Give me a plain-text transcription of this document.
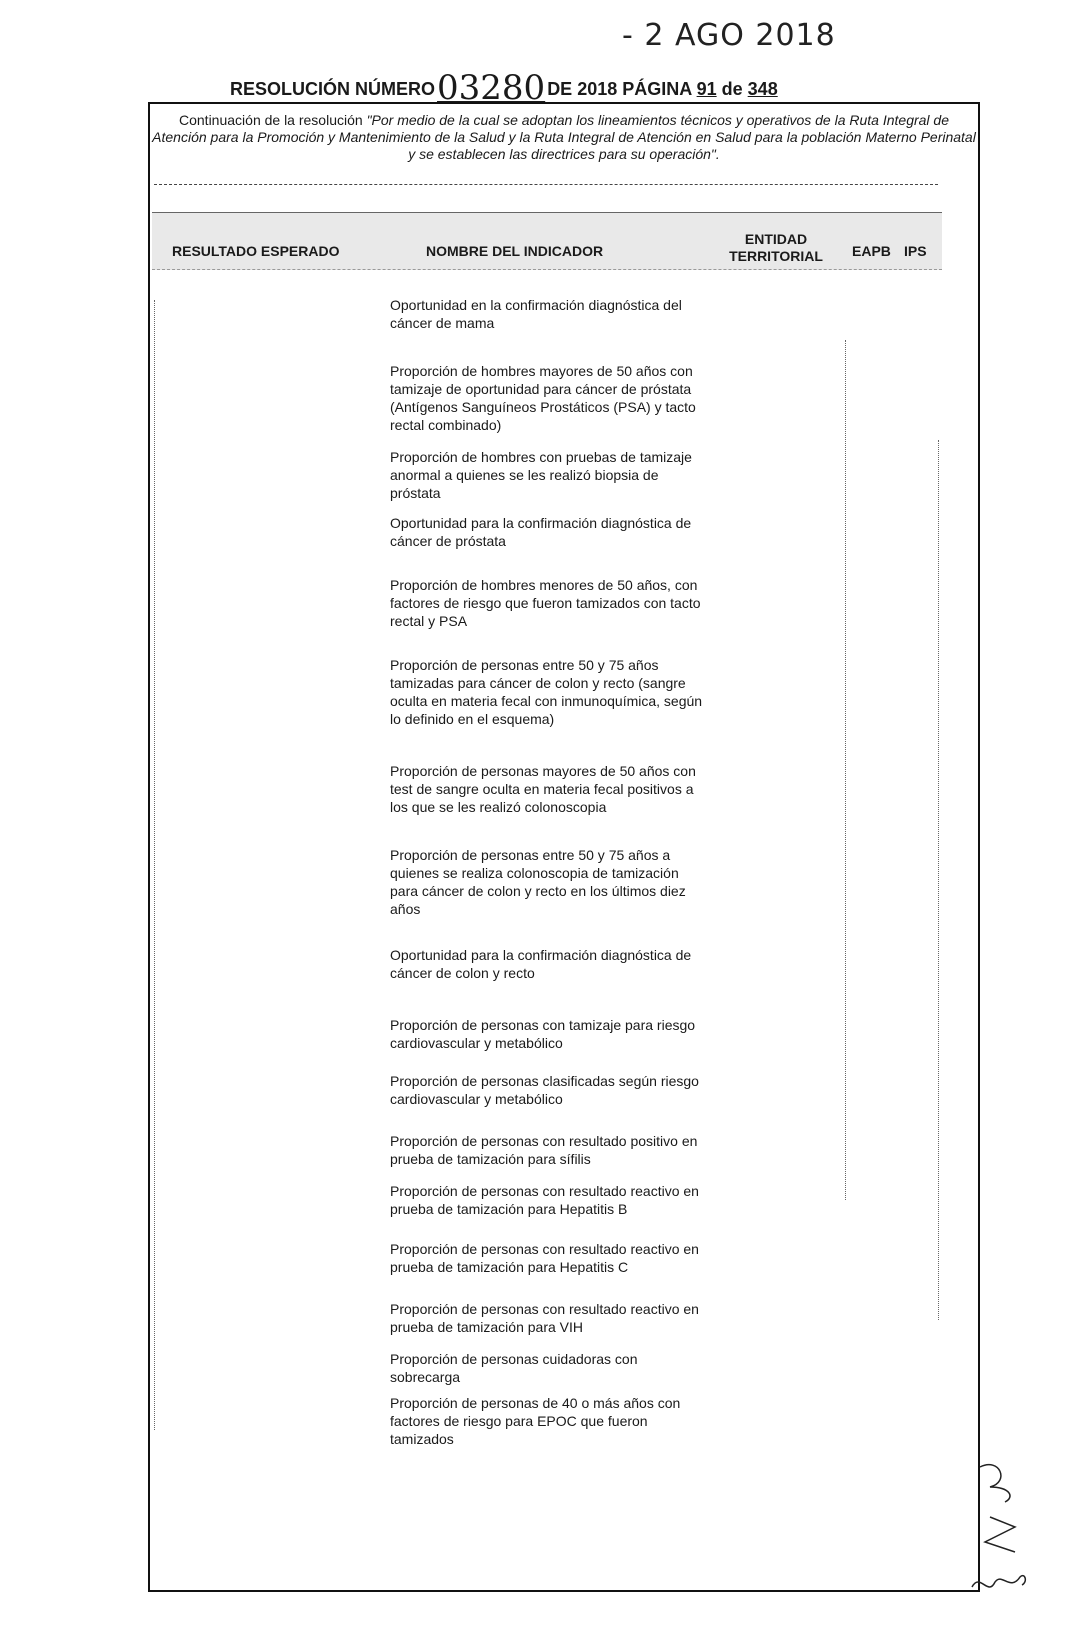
- 2 AGO 2018
RESOLUCIÓN NÚMERO03280 DE 2018 PÁGINA 91 de 348
Continuación de la resolución "Por medio de la cual se adoptan los lineamientos técnicos y operativos de la Ruta Integral de Atención para la Promoción y Mantenimiento de la Salud y la Ruta Integral de Atención en Salud para la población Materno Perinatal y se establecen las directrices para su operación".
RESULTADO ESPERADO	NOMBRE DEL INDICADOR
ENTIDAD TERRITORIAL EAPB IPS
Oportunidad en la confirmación diagnóstica del cáncer de mama
Proporción de hombres mayores de 50 años con tamizaje de oportunidad para cáncer de próstata (Antígenos Sanguíneos Prostáticos (PSA) y tacto rectal combinado)
Proporción de hombres con pruebas de tamizaje anormal a quienes se les realizó biopsia de próstata
Oportunidad para la confirmación diagnóstica de cáncer de próstata
Proporción de hombres menores de 50 años, con factores de riesgo que fueron tamizados con tacto rectal y PSA
Proporción de personas entre 50 y 75 años tamizadas para cáncer de colon y recto (sangre oculta en materia fecal con inmunoquímica, según lo definido en el esquema)
Proporción de personas mayores de 50 años con test de sangre oculta en materia fecal positivos a los que se les realizó colonoscopia
Proporción de personas entre 50 y 75 años a quienes se realiza colonoscopia de tamización para cáncer de colon y recto en los últimos diez años
Oportunidad para la confirmación diagnóstica de cáncer de colon y recto
Proporción de personas con tamizaje para riesgo cardiovascular y metabólico
Proporción de personas clasificadas según riesgo cardiovascular y metabólico
Proporción de personas con resultado positivo en prueba de tamización para sífilis
Proporción de personas con resultado reactivo en prueba de tamización para Hepatitis B
Proporción de personas con resultado reactivo en prueba de tamización para Hepatitis C
Proporción de personas con resultado reactivo en prueba de tamización para VIH
Proporción de personas cuidadoras con sobrecarga
Proporción de personas de 40 o más años con factores de riesgo para EPOC que fueron tamizados
